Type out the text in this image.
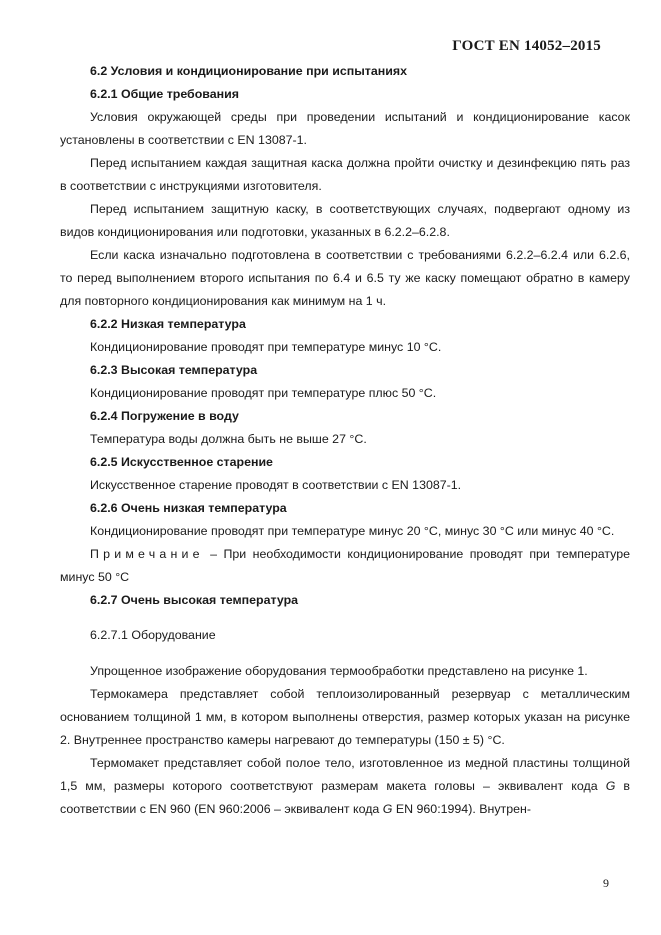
ГОСТ EN 14052–2015

6.2 Условия и кондиционирование при испытаниях

6.2.1 Общие требования

Условия окружающей среды при проведении испытаний и кондиционирование касок установлены в соответствии с EN 13087-1.

Перед испытанием каждая защитная каска должна пройти очистку и дезинфекцию пять раз в соответствии с инструкциями изготовителя.

Перед испытанием защитную каску, в соответствующих случаях, подвергают одному из видов кондиционирования или подготовки, указанных в 6.2.2–6.2.8.

Если каска изначально подготовлена в соответствии с требованиями 6.2.2–6.2.4 или 6.2.6, то перед выполнением второго испытания по 6.4 и 6.5 ту же каску помещают обратно в камеру для повторного кондиционирования как минимум на 1 ч.

6.2.2 Низкая температура

Кондиционирование проводят при температуре минус 10 °С.

6.2.3 Высокая температура

Кондиционирование проводят при температуре плюс 50 °С.

6.2.4 Погружение в воду

Температура воды должна быть не выше 27 °С.

6.2.5 Искусственное старение

Искусственное старение проводят в соответствии с EN 13087-1.

6.2.6 Очень низкая температура

Кондиционирование проводят при температуре минус 20 °С, минус 30 °С или минус 40 °С.

Примечание – При необходимости кондиционирование проводят при температуре минус 50 °С

6.2.7 Очень высокая температура

6.2.7.1 Оборудование

Упрощенное изображение оборудования термообработки представлено на рисунке 1.

Термокамера представляет собой теплоизолированный резервуар с металлическим основанием толщиной 1 мм, в котором выполнены отверстия, размер которых указан на рисунке 2. Внутреннее пространство камеры нагревают до температуры (150 ± 5) °С.

Термомакет представляет собой полое тело, изготовленное из медной пластины толщиной 1,5 мм, размеры которого соответствуют размерам макета головы – эквивалент кода G в соответствии с EN 960 (EN 960:2006 – эквивалент кода G EN 960:1994). Внутрен-

9
